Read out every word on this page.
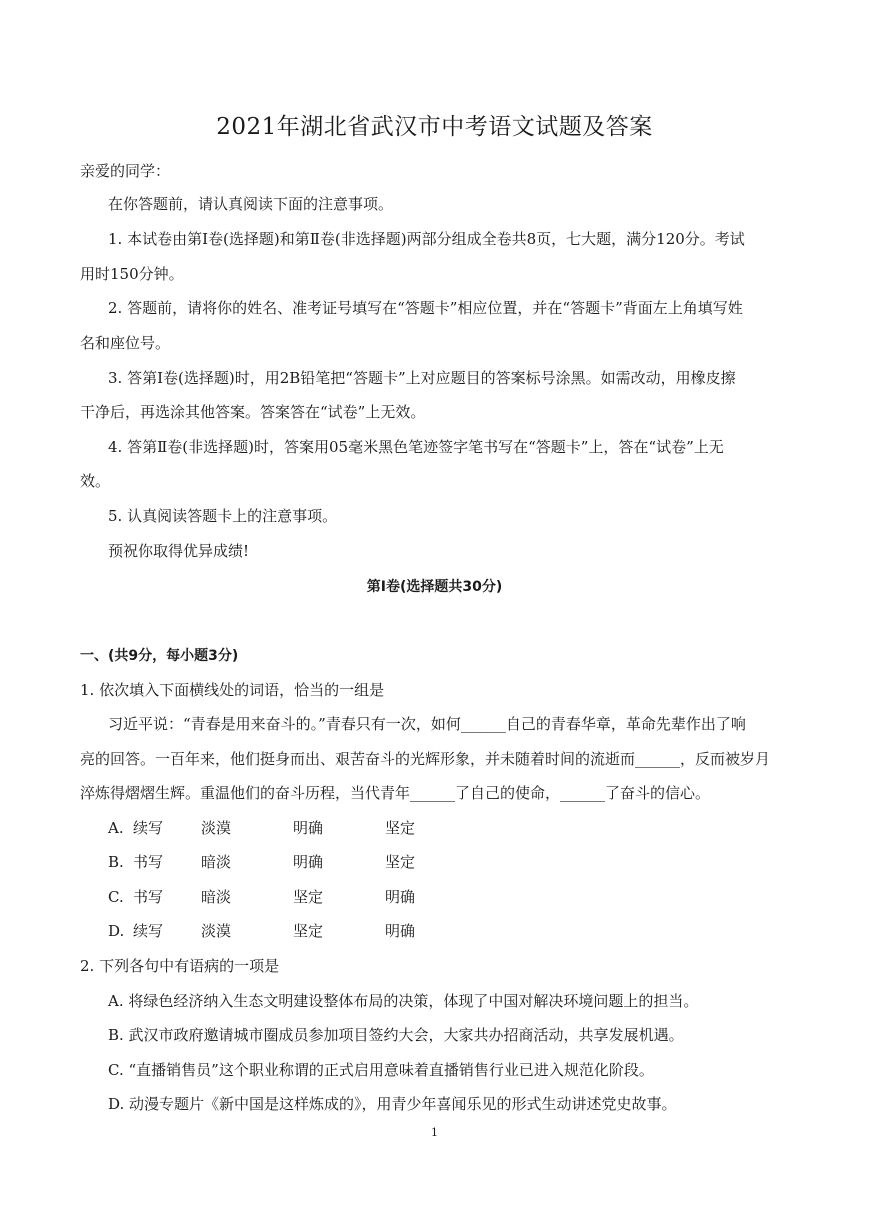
2021年湖北省武汉市中考语文试题及答案
亲爱的同学：
在你答题前，请认真阅读下面的注意事项。
1. 本试卷由第Ⅰ卷(选择题)和第Ⅱ卷(非选择题)两部分组成全卷共8页，七大题，满分120分。考试
用时150分钟。
2. 答题前，请将你的姓名、准考证号填写在“答题卡”相应位置，并在“答题卡”背面左上角填写姓
名和座位号。
3. 答第Ⅰ卷(选择题)时，用2B铅笔把“答题卡”上对应题目的答案标号涂黑。如需改动，用橡皮擦
干净后，再选涂其他答案。答案答在“试卷”上无效。
4. 答第Ⅱ卷(非选择题)时，答案用05毫米黑色笔迹签字笔书写在“答题卡”上，答在“试卷”上无
效。
5. 认真阅读答题卡上的注意事项。
预祝你取得优异成绩!
第Ⅰ卷(选择题共30分)
一、(共9分，每小题3分)
1. 依次填入下面横线处的词语，恰当的一组是
习近平说：“青春是用来奋斗的。”青春只有一次，如何______自己的青春华章，革命先辈作出了响
亮的回答。一百年来，他们挺身而出、艰苦奋斗的光辉形象，并未随着时间的流逝而______，反而被岁月
淬炼得熠熠生辉。重温他们的奋斗历程，当代青年______了自己的使命，______了奋斗的信心。
A. 续写	淡漠	明确	坚定
B. 书写	暗淡	明确	坚定
C. 书写	暗淡	坚定	明确
D. 续写	淡漠	坚定	明确
2. 下列各句中有语病的一项是
A. 将绿色经济纳入生态文明建设整体布局的决策，体现了中国对解决环境问题上的担当。
B. 武汉市政府邀请城市圈成员参加项目签约大会，大家共办招商活动，共享发展机遇。
C. “直播销售员”这个职业称谓的正式启用意味着直播销售行业已进入规范化阶段。
D. 动漫专题片《新中国是这样炼成的》，用青少年喜闻乐见的形式生动讲述党史故事。
1
